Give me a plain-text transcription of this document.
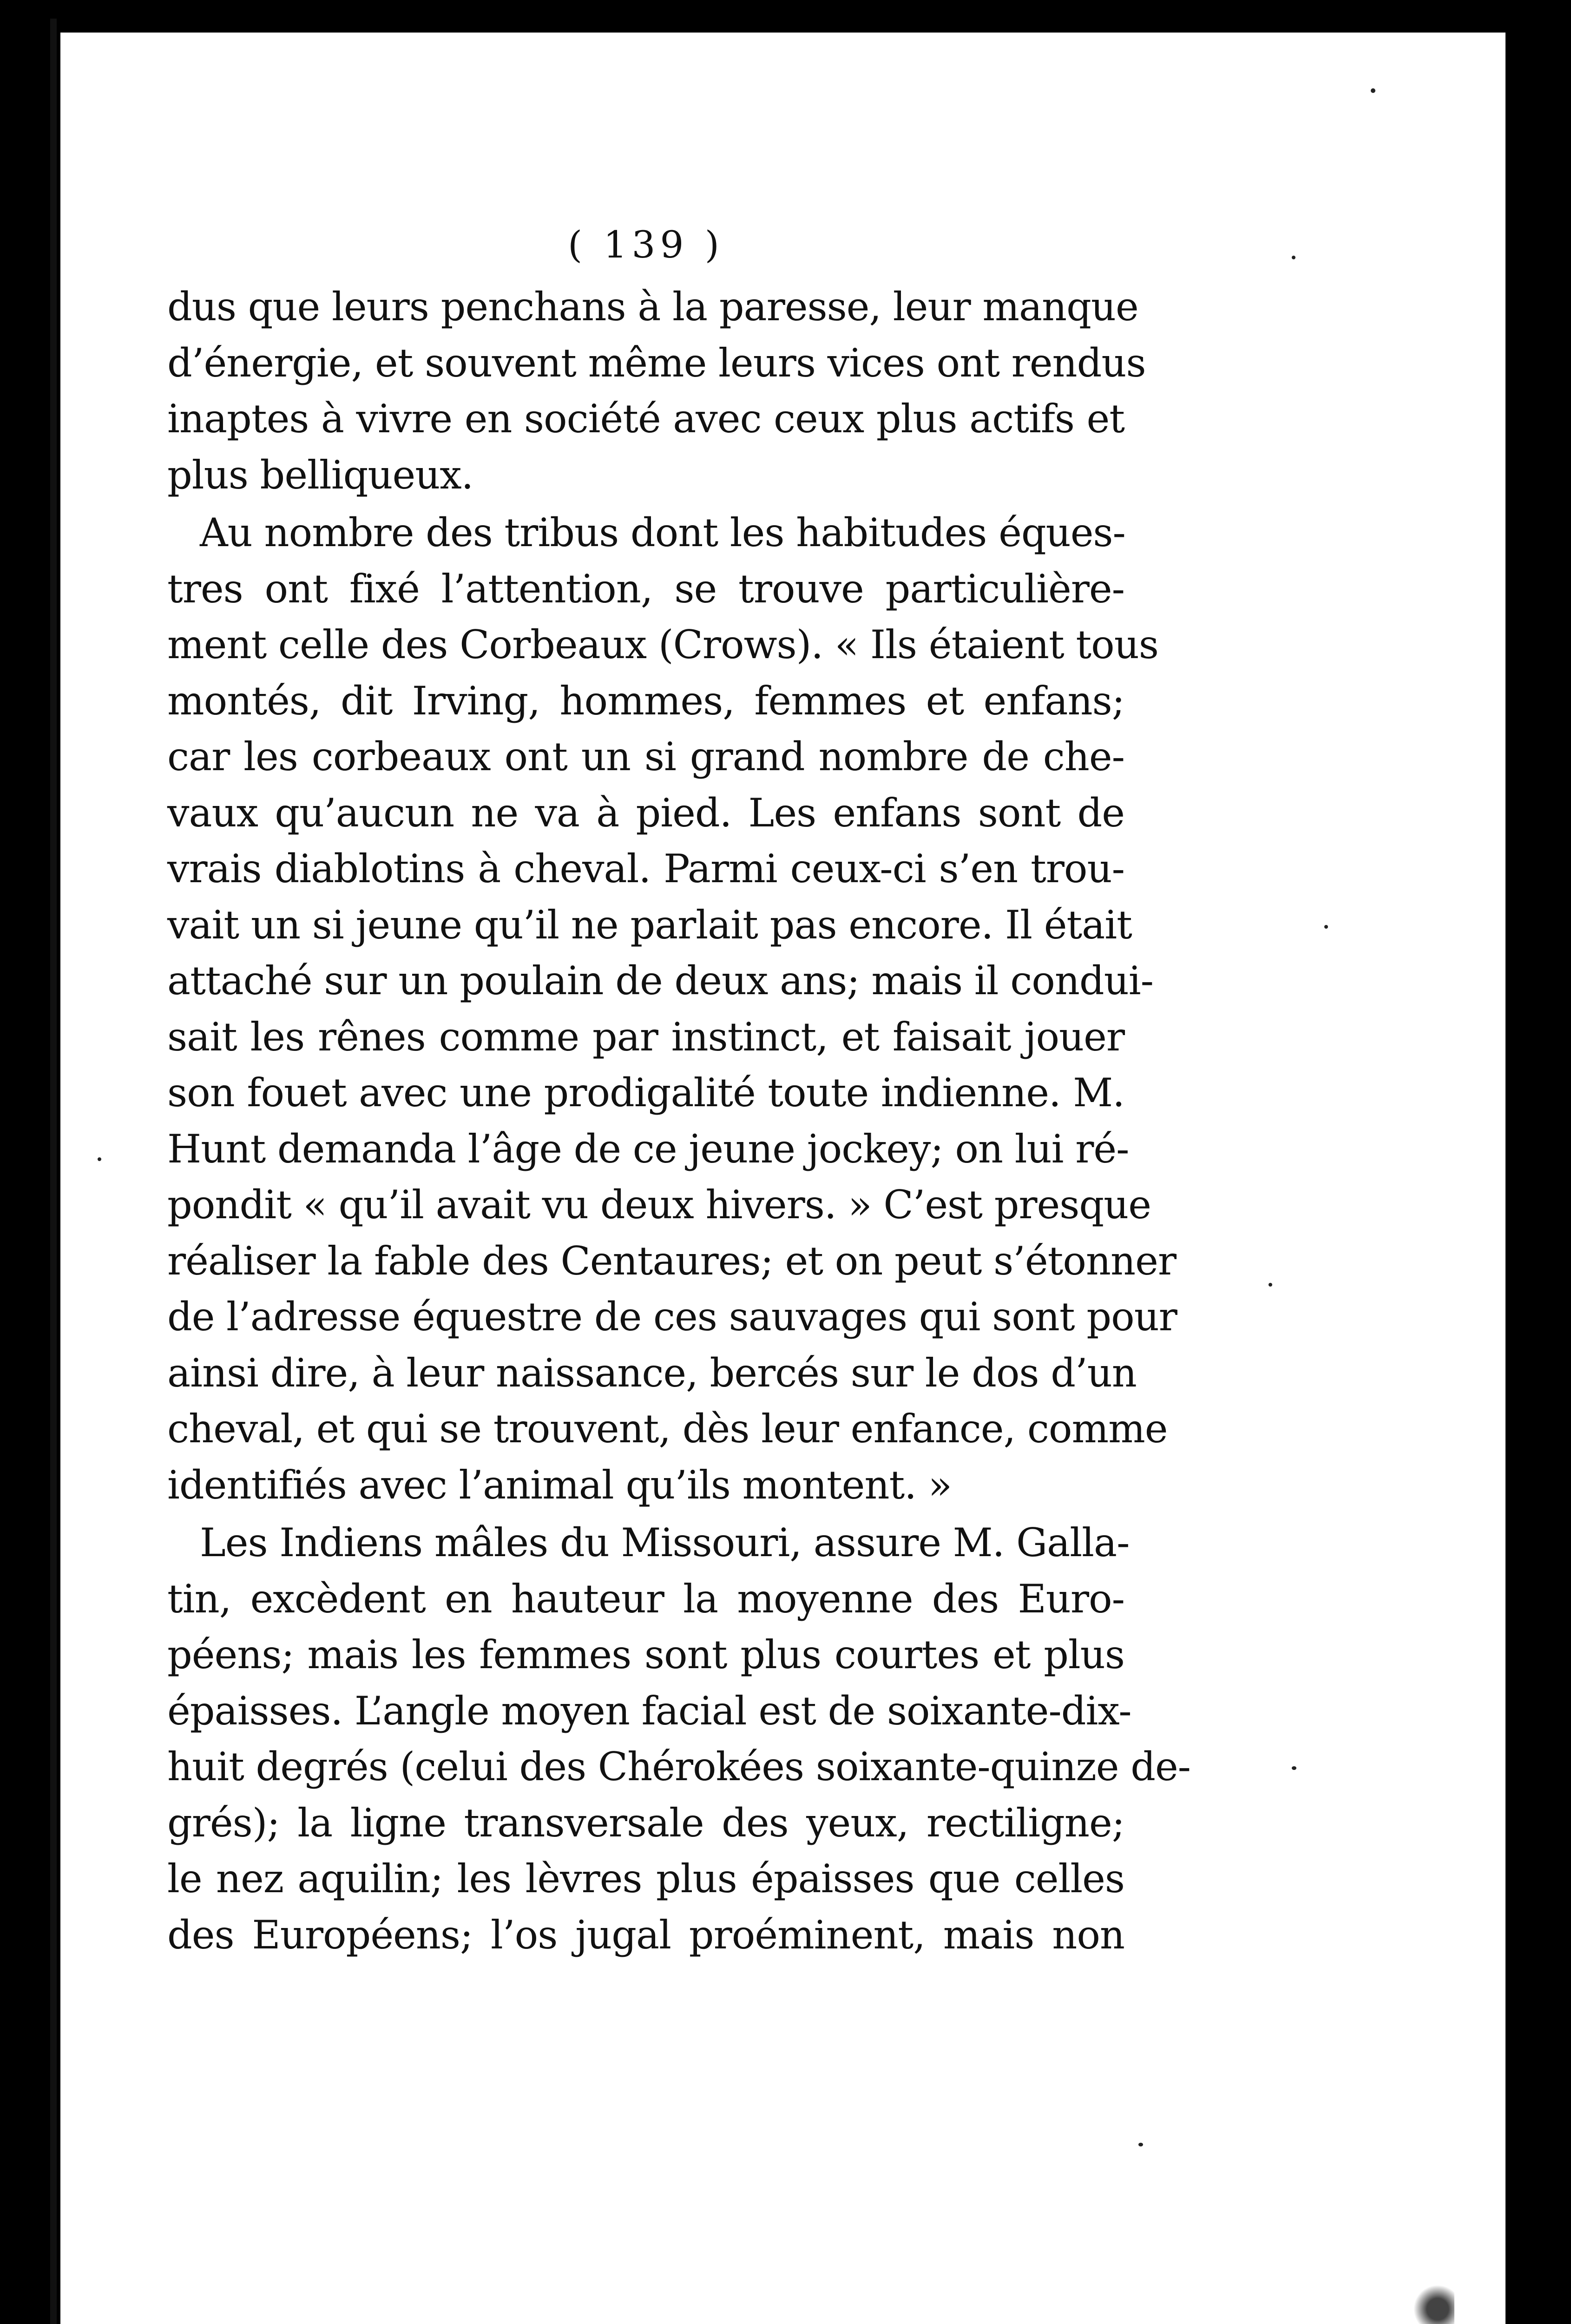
( 139 )
dus que leurs penchans à la paresse, leur manque
d’énergie, et souvent même leurs vices ont rendus
inaptes à vivre en société avec ceux plus actifs et
plus belliqueux.
Au nombre des tribus dont les habitudes éques-
tres ont fixé l’attention, se trouve particulière-
ment celle des Corbeaux (Crows). « Ils étaient tous
montés, dit Irving, hommes, femmes et enfans;
car les corbeaux ont un si grand nombre de che-
vaux qu’aucun ne va à pied. Les enfans sont de
vrais diablotins à cheval. Parmi ceux-ci s’en trou-
vait un si jeune qu’il ne parlait pas encore. Il était
attaché sur un poulain de deux ans; mais il condui-
sait les rênes comme par instinct, et faisait jouer
son fouet avec une prodigalité toute indienne. M.
Hunt demanda l’âge de ce jeune jockey; on lui ré-
pondit « qu’il avait vu deux hivers. » C’est presque
réaliser la fable des Centaures; et on peut s’étonner
de l’adresse équestre de ces sauvages qui sont pour
ainsi dire, à leur naissance, bercés sur le dos d’un
cheval, et qui se trouvent, dès leur enfance, comme
identifiés avec l’animal qu’ils montent. »
Les Indiens mâles du Missouri, assure M. Galla-
tin, excèdent en hauteur la moyenne des Euro-
péens; mais les femmes sont plus courtes et plus
épaisses. L’angle moyen facial est de soixante-dix-
huit degrés (celui des Chérokées soixante-quinze de-
grés); la ligne transversale des yeux, rectiligne;
le nez aquilin; les lèvres plus épaisses que celles
des Européens; l’os jugal proéminent, mais non
